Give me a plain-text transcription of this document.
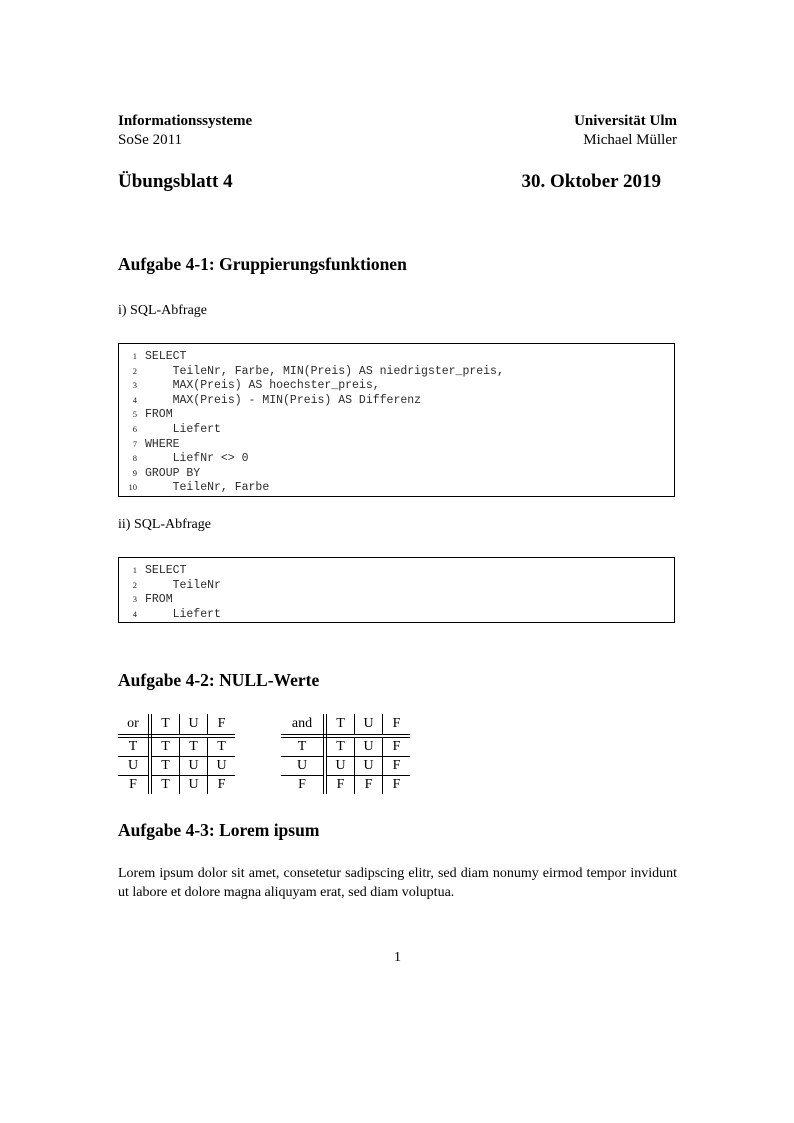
Informationssysteme
SoSe 2011
Universität Ulm
Michael Müller
Übungsblatt 4	30. Oktober 2019
Aufgabe 4-1: Gruppierungsfunktionen
i) SQL-Abfrage
1 SELECT
2    TeileNr, Farbe, MIN(Preis) AS niedrigster_preis,
3    MAX(Preis) AS hoechster_preis,
4    MAX(Preis) - MIN(Preis) AS Differenz
5 FROM
6    Liefert
7 WHERE
8    LiefNr <> 0
9 GROUP BY
10    TeileNr, Farbe
ii) SQL-Abfrage
1 SELECT
2    TeileNr
3 FROM
4    Liefert
Aufgabe 4-2: NULL-Werte
or	T	U	F
T	T	T	T
U	T	U	U
F	T	U	F
and	T	U	F
T	T	U	F
U	U	U	F
F	F	F	F
Aufgabe 4-3: Lorem ipsum
Lorem ipsum dolor sit amet, consetetur sadipscing elitr, sed diam nonumy eirmod tempor invidunt ut labore et dolore magna aliquyam erat, sed diam voluptua.
1
